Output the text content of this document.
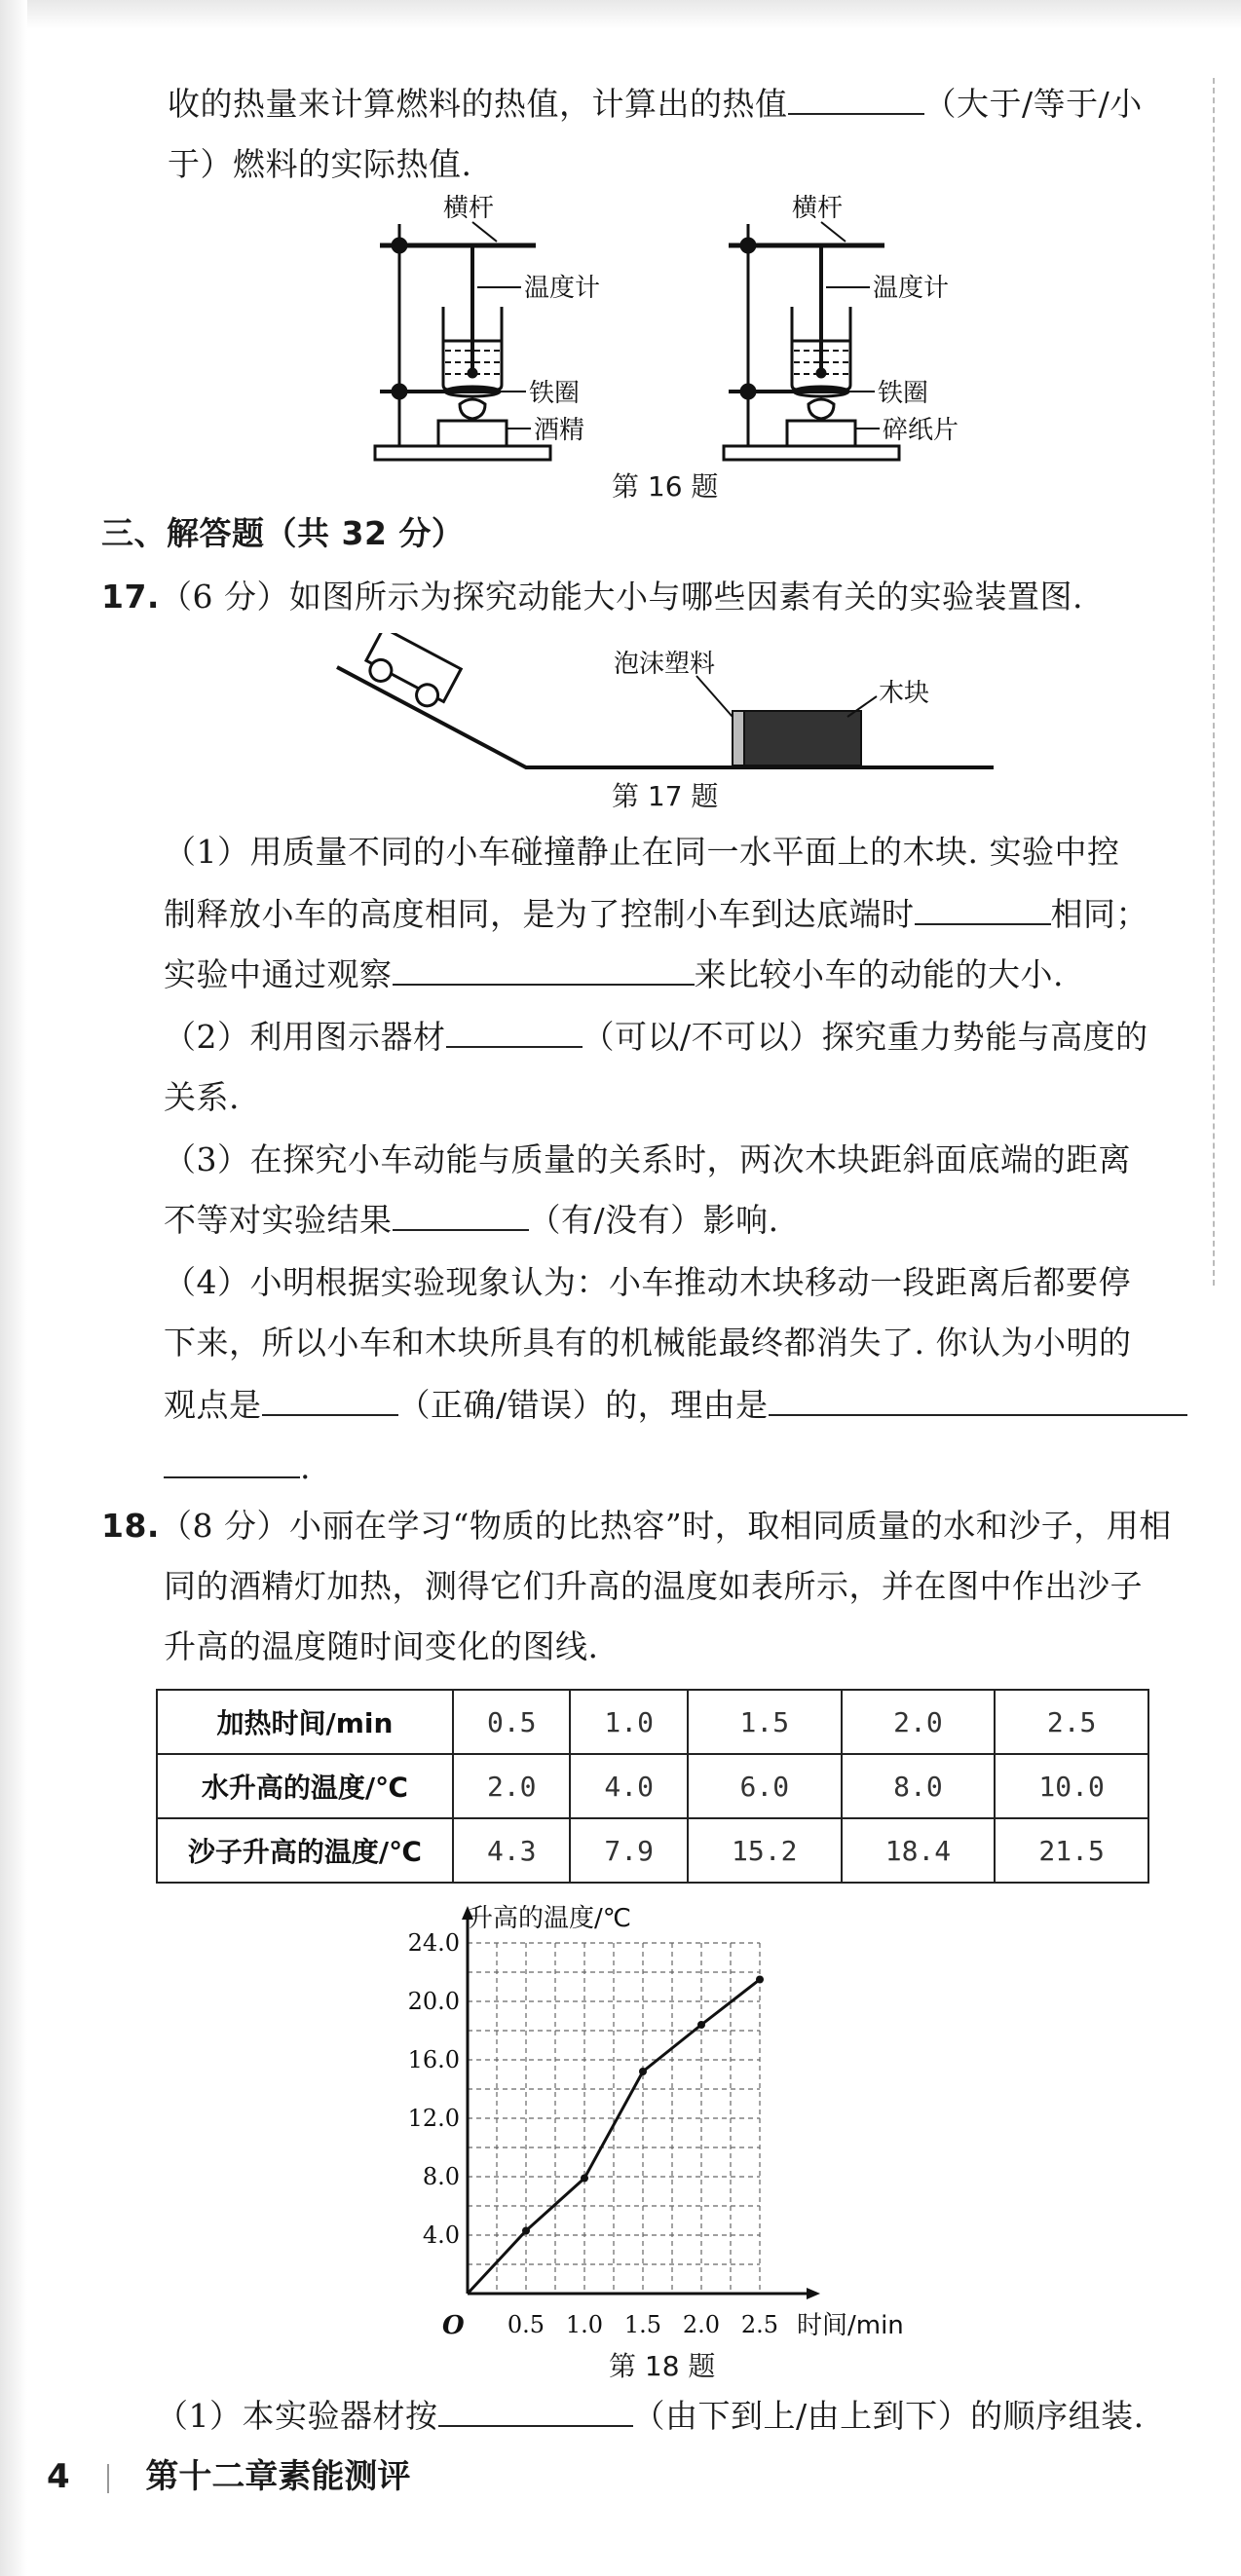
收的热量来计算燃料的热值，计算出的热值	（大于/等于/小
于）燃料的实际热值.
横杆
温度计
铁圈
酒精
横杆
温度计
铁圈
碎纸片
第 16 题
三、解答题（共 32 分）
17.（6 分）如图所示为探究动能大小与哪些因素有关的实验装置图.
泡沫塑料
木块
第 17 题
（1）用质量不同的小车碰撞静止在同一水平面上的木块. 实验中控
制释放小车的高度相同，是为了控制小车到达底端时	相同；
实验中通过观察	来比较小车的动能的大小.
（2）利用图示器材	（可以/不可以）探究重力势能与高度的
关系.
（3）在探究小车动能与质量的关系时，两次木块距斜面底端的距离
不等对实验结果	（有/没有）影响.
（4）小明根据实验现象认为：小车推动木块移动一段距离后都要停
下来，所以小车和木块所具有的机械能最终都消失了. 你认为小明的
观点是	（正确/错误）的，理由是
.
18.（8 分）小丽在学习“物质的比热容”时，取相同质量的水和沙子，用相
同的酒精灯加热，测得它们升高的温度如表所示，并在图中作出沙子
升高的温度随时间变化的图线.
加热时间/min	0.5	1.0	1.5	2.0	2.5
水升高的温度/℃	2.0	4.0	6.0	8.0	10.0
沙子升高的温度/℃	4.3	7.9	15.2	18.4	21.5
0.5 1.0 1.5 2.0 2.5
4.0
8.0
12.0
16.0
20.0
24.0
升高的温度/℃
时间/min
O
第 18 题
（1）本实验器材按	（由下到上/由上到下）的顺序组装.
4 第十二章素能测评
